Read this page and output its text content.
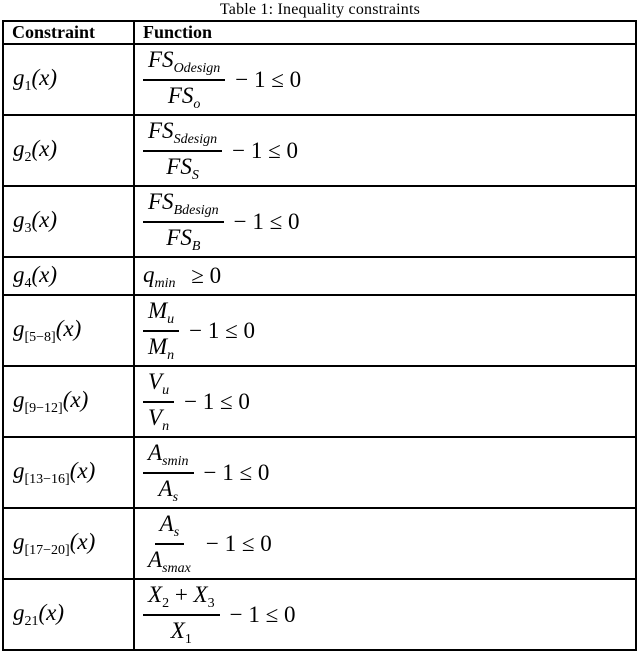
Table 1: Inequality constraints
Constraint	Function
$g_1(x)$	$\frac{FS_{Odesign}}{FS_o} - 1 \le 0$

$g_2(x)$	$\frac{FS_{Sdesign}}{FS_S} - 1 \le 0$

$g_3(x)$	$\frac{FS_{Bdesign}}{FS_B} - 1 \le 0$

$g_4(x)$	$q_{min} \ge 0$

$g_{[5-8]}(x)$	$\frac{M_u}{M_n} - 1 \le 0$

$g_{[9-12]}(x)$	$\frac{V_u}{V_n} - 1 \le 0$

$g_{[13-16]}(x)$	$\frac{A_{smin}}{A_s} - 1 \le 0$

$g_{[17-20]}(x)$	$\frac{A_s}{A_{smax}} - 1 \le 0$

$g_{21}(x)$	$\frac{X_2 + X_3}{X_1} - 1 \le 0$
